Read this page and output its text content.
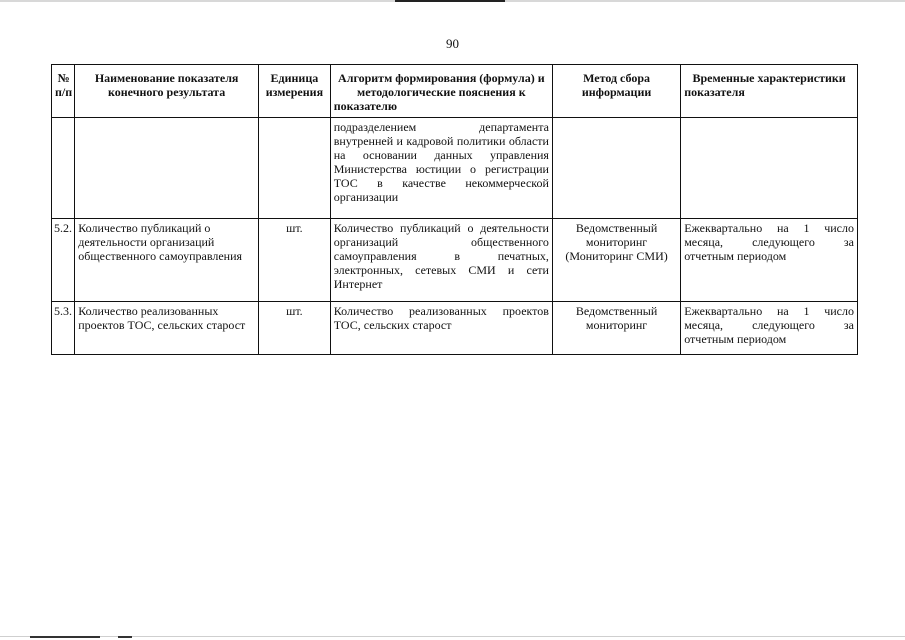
90
№ п/п	Наименование показателя конечного результата	Единица измерения	Алгоритм формирования (формула) и методологические пояснения к показателю	Метод сбора информации	Временные характеристики показателя
			подразделением департамента внутренней и кадровой политики области на основании данных управления Министерства юстиции о регистрации ТОС в качестве некоммерческой организации		
5.2.	Количество публикаций о деятельности организаций общественного самоуправления	шт.	Количество публикаций о деятельности организаций общественного самоуправления в печатных, электронных, сетевых СМИ и сети Интернет	Ведомственный мониторинг (Мониторинг СМИ)	Ежеквартально на 1 число месяца, следующего за отчетным периодом
5.3.	Количество реализованных проектов ТОС, сельских старост	шт.	Количество реализованных проектов ТОС, сельских старост	Ведомственный мониторинг	Ежеквартально на 1 число месяца, следующего за отчетным периодом
